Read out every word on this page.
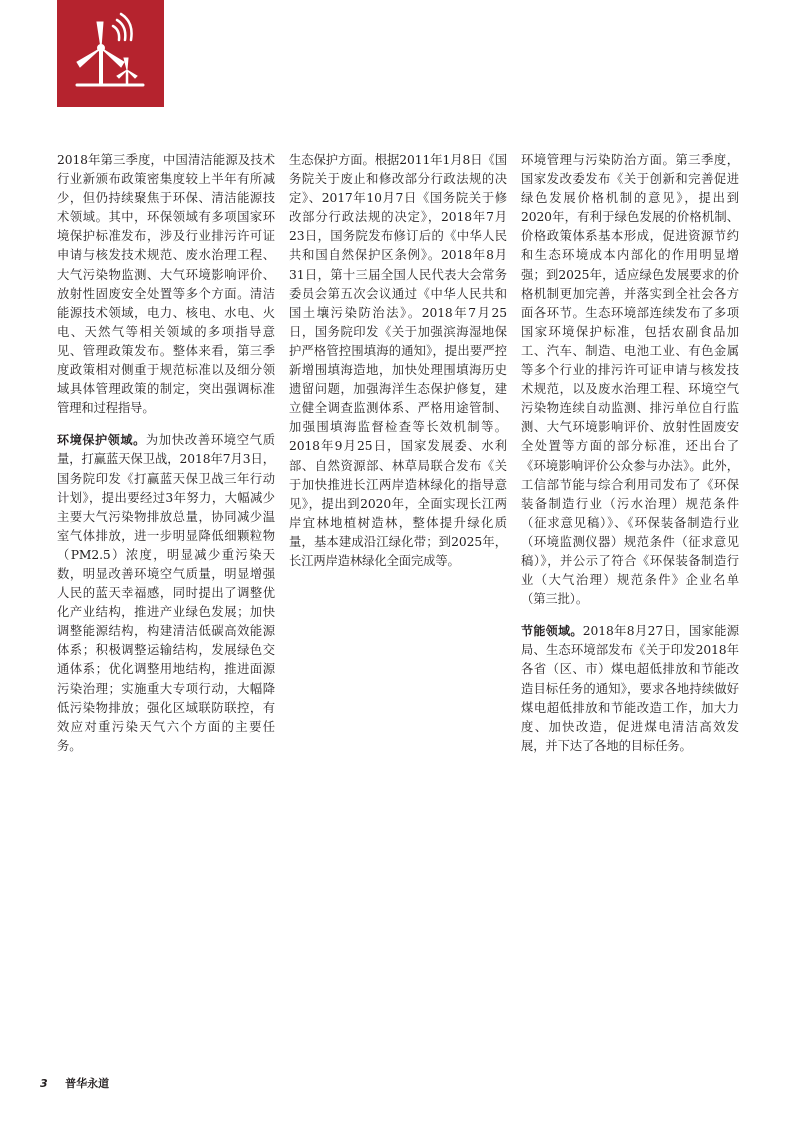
2018年第三季度，中国清洁能源及技术行业新颁布政策密集度较上半年有所减少，但仍持续聚焦于环保、清洁能源技术领域。其中，环保领域有多项国家环境保护标准发布，涉及行业排污许可证申请与核发技术规范、废水治理工程、大气污染物监测、大气环境影响评价、放射性固废安全处置等多个方面。清洁能源技术领域，电力、核电、水电、火电、天然气等相关领域的多项指导意见、管理政策发布。整体来看，第三季度政策相对侧重于规范标准以及细分领域具体管理政策的制定，突出强调标准管理和过程指导。

环境保护领域。为加快改善环境空气质量，打赢蓝天保卫战，2018年7月3日，国务院印发《打赢蓝天保卫战三年行动计划》，提出要经过3年努力，大幅减少主要大气污染物排放总量，协同减少温室气体排放，进一步明显降低细颗粒物（PM2.5）浓度，明显减少重污染天数，明显改善环境空气质量，明显增强人民的蓝天幸福感，同时提出了调整优化产业结构，推进产业绿色发展；加快调整能源结构，构建清洁低碳高效能源体系；积极调整运输结构，发展绿色交通体系；优化调整用地结构，推进面源污染治理；实施重大专项行动，大幅降低污染物排放；强化区域联防联控，有效应对重污染天气六个方面的主要任务。

生态保护方面。根据2011年1月8日《国务院关于废止和修改部分行政法规的决定》、2017年10月7日《国务院关于修改部分行政法规的决定》，2018年7月23日，国务院发布修订后的《中华人民共和国自然保护区条例》。2018年8月31日，第十三届全国人民代表大会常务委员会第五次会议通过《中华人民共和国土壤污染防治法》。2018年7月25日，国务院印发《关于加强滨海湿地保护严格管控围填海的通知》，提出要严控新增围填海造地，加快处理围填海历史遗留问题，加强海洋生态保护修复，建立健全调查监测体系、严格用途管制、加强围填海监督检查等长效机制等。2018年9月25日，国家发展委、水利部、自然资源部、林草局联合发布《关于加快推进长江两岸造林绿化的指导意见》，提出到2020年，全面实现长江两岸宜林地植树造林，整体提升绿化质量，基本建成沿江绿化带；到2025年，长江两岸造林绿化全面完成等。

环境管理与污染防治方面。第三季度，国家发改委发布《关于创新和完善促进绿色发展价格机制的意见》，提出到2020年，有利于绿色发展的价格机制、价格政策体系基本形成，促进资源节约和生态环境成本内部化的作用明显增强；到2025年，适应绿色发展要求的价格机制更加完善，并落实到全社会各方面各环节。生态环境部连续发布了多项国家环境保护标准，包括农副食品加工、汽车、制造、电池工业、有色金属等多个行业的排污许可证申请与核发技术规范，以及废水治理工程、环境空气污染物连续自动监测、排污单位自行监测、大气环境影响评价、放射性固废安全处置等方面的部分标准，还出台了《环境影响评价公众参与办法》。此外，工信部节能与综合利用司发布了《环保装备制造行业（污水治理）规范条件（征求意见稿）》、《环保装备制造行业（环境监测仪器）规范条件（征求意见稿）》，并公示了符合《环保装备制造行业（大气治理）规范条件》企业名单（第三批）。

节能领域。2018年8月27日，国家能源局、生态环境部发布《关于印发2018年各省（区、市）煤电超低排放和节能改造目标任务的通知》，要求各地持续做好煤电超低排放和节能改造工作，加大力度、加快改造，促进煤电清洁高效发展，并下达了各地的目标任务。

3 普华永道
